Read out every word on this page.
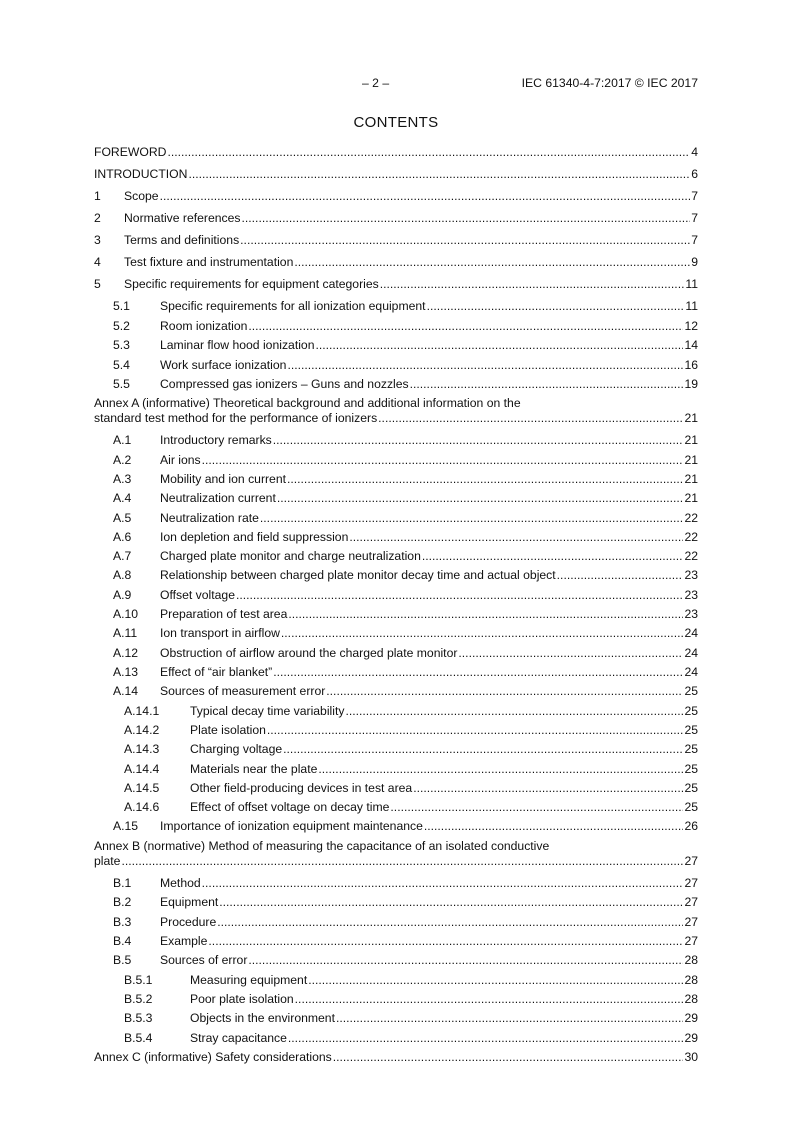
– 2 –	IEC 61340-4-7:2017 © IEC 2017
CONTENTS
FOREWORD .....	4
INTRODUCTION .....	6
1	Scope .....	7
2	Normative references .....	7
3	Terms and definitions .....	7
4	Test fixture and instrumentation .....	9
5	Specific requirements for equipment categories .....	11
5.1	Specific requirements for all ionization equipment .....	11
5.2	Room ionization .....	12
5.3	Laminar flow hood ionization .....	14
5.4	Work surface ionization .....	16
5.5	Compressed gas ionizers – Guns and nozzles .....	19
Annex A (informative) Theoretical background and additional information on the
standard test method for the performance of ionizers .....	21
A.1	Introductory remarks .....	21
A.2	Air ions .....	21
A.3	Mobility and ion current .....	21
A.4	Neutralization current .....	21
A.5	Neutralization rate .....	22
A.6	Ion depletion and field suppression .....	22
A.7	Charged plate monitor and charge neutralization .....	22
A.8	Relationship between charged plate monitor decay time and actual object .....	23
A.9	Offset voltage .....	23
A.10	Preparation of test area .....	23
A.11	Ion transport in airflow .....	24
A.12	Obstruction of airflow around the charged plate monitor .....	24
A.13	Effect of “air blanket” .....	24
A.14	Sources of measurement error .....	25
A.14.1	Typical decay time variability .....	25
A.14.2	Plate isolation .....	25
A.14.3	Charging voltage .....	25
A.14.4	Materials near the plate .....	25
A.14.5	Other field-producing devices in test area .....	25
A.14.6	Effect of offset voltage on decay time .....	25
A.15	Importance of ionization equipment maintenance .....	26
Annex B (normative) Method of measuring the capacitance of an isolated conductive
plate .....	27
B.1	Method .....	27
B.2	Equipment .....	27
B.3	Procedure .....	27
B.4	Example .....	27
B.5	Sources of error .....	28
B.5.1	Measuring equipment .....	28
B.5.2	Poor plate isolation .....	28
B.5.3	Objects in the environment .....	29
B.5.4	Stray capacitance .....	29
Annex C (informative) Safety considerations .....	30
